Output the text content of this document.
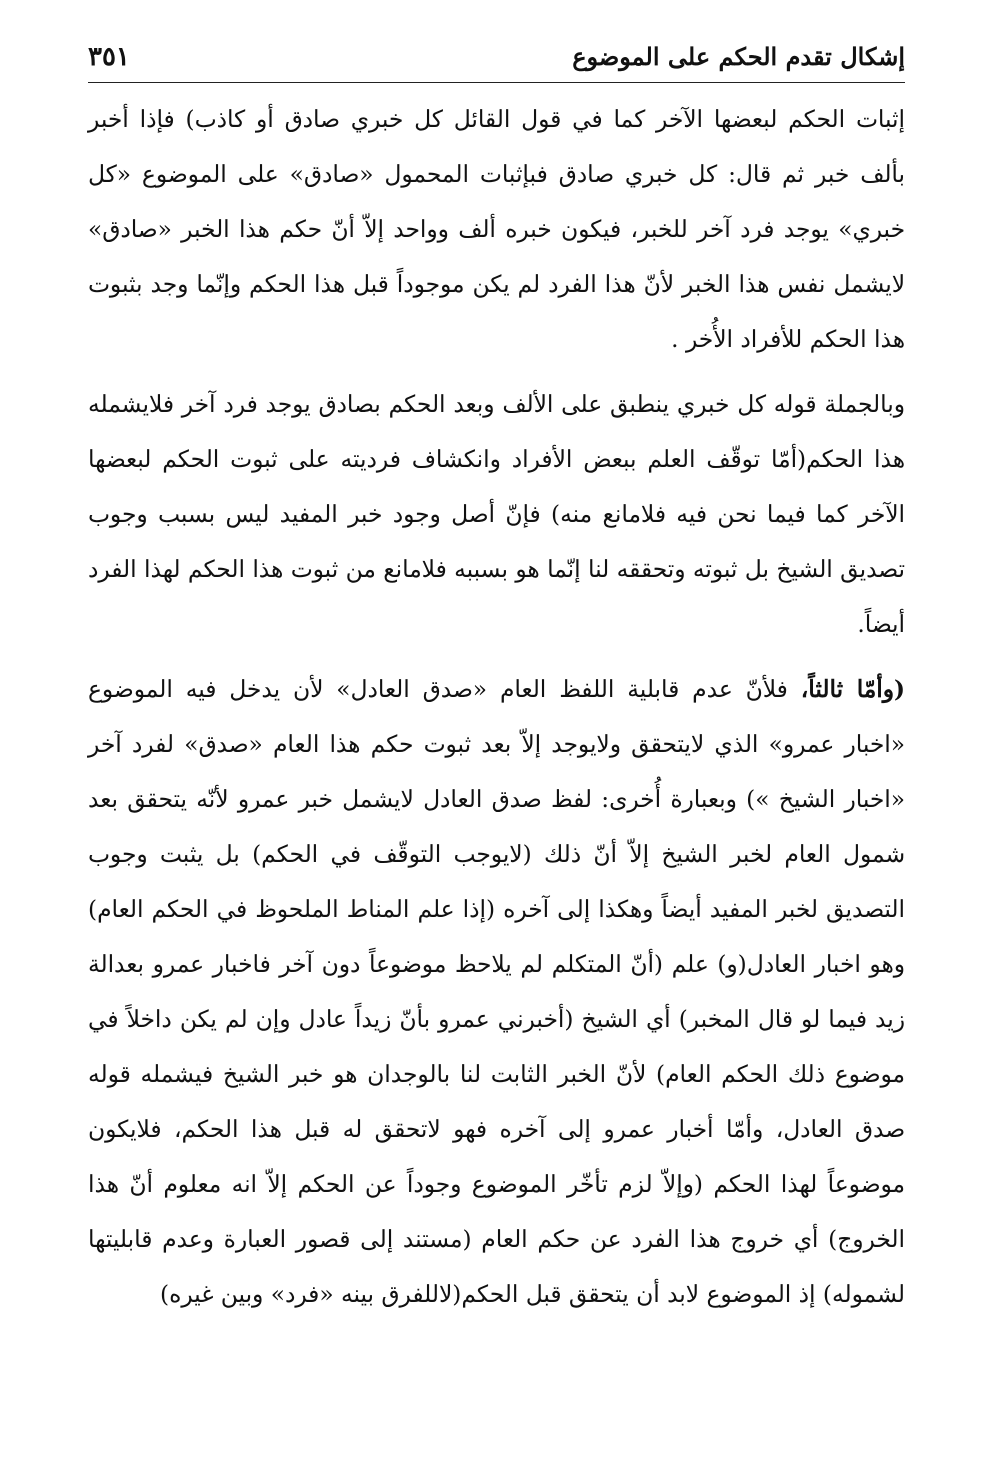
إشكال تقدم الحكم على الموضوع
٣٥١

إثبات الحكم لبعضها الآخر كما في قول القائل كل خبري صادق أو كاذب) فإذا أخبر بألف خبر ثم قال: كل خبري صادق فبإثبات المحمول «صادق» على الموضوع «كل خبري» يوجد فرد آخر للخبر، فيكون خبره ألف وواحد إلاّ أنّ حكم هذا الخبر «صادق» لايشمل نفس هذا الخبر لأنّ هذا الفرد لم يكن موجوداً قبل هذا الحكم وإنّما وجد بثبوت هذا الحكم للأفراد الأُخر .

وبالجملة قوله كل خبري ينطبق على الألف وبعد الحكم بصادق يوجد فرد آخر فلايشمله هذا الحكم(أمّا توقّف العلم ببعض الأفراد وانكشاف فرديته على ثبوت الحكم لبعضها الآخر كما فيما نحن فيه فلامانع منه) فإنّ أصل وجود خبر المفيد ليس بسبب وجوب تصديق الشيخ بل ثبوته وتحققه لنا إنّما هو بسببه فلامانع من ثبوت هذا الحكم لهذا الفرد أيضاً.

(وأمّا ثالثاً، فلأنّ عدم قابلية اللفظ العام «صدق العادل» لأن يدخل فيه الموضوع «اخبار عمرو» الذي لايتحقق ولايوجد إلاّ بعد ثبوت حكم هذا العام «صدق» لفرد آخر «اخبار الشيخ ») وبعبارة أُخرى: لفظ صدق العادل لايشمل خبر عمرو لأنّه يتحقق بعد شمول العام لخبر الشيخ إلاّ أنّ ذلك (لايوجب التوقّف في الحكم) بل يثبت وجوب التصديق لخبر المفيد أيضاً وهكذا إلى آخره (إذا علم المناط الملحوظ في الحكم العام) وهو اخبار العادل(و) علم (أنّ المتكلم لم يلاحظ موضوعاً دون آخر فاخبار عمرو بعدالة زيد فيما لو قال المخبر) أي الشيخ (أخبرني عمرو بأنّ زيداً عادل وإن لم يكن داخلاً في موضوع ذلك الحكم العام) لأنّ الخبر الثابت لنا بالوجدان هو خبر الشيخ فيشمله قوله صدق العادل، وأمّا أخبار عمرو إلى آخره فهو لاتحقق له قبل هذا الحكم، فلايكون موضوعاً لهذا الحكم (وإلاّ لزم تأخّر الموضوع وجوداً عن الحكم إلاّ انه معلوم أنّ هذا الخروج) أي خروج هذا الفرد عن حكم العام (مستند إلى قصور العبارة وعدم قابليتها لشموله) إذ الموضوع لابد أن يتحقق قبل الحكم(لاللفرق بينه «فرد» وبين غيره)
